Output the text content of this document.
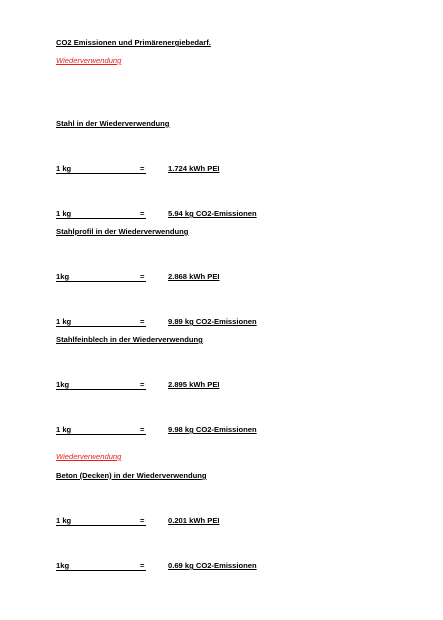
CO2 Emissionen und Primärenergiebedarf.
Wiederverwendung
Stahl in der Wiederverwendung
1 kg	=	1.724 kWh PEI
1 kg	=	5.94 kg CO2-Emissionen
Stahlprofil in der Wiederverwendung
1kg	=	2.868 kWh PEI
1 kg	=	9.89 kg CO2-Emissionen
Stahlfeinblech in der Wiederverwendung
1kg	=	2.895 kWh PEI
1 kg	=	9.98 kg CO2-Emissionen
Wiederverwendung
Beton (Decken) in der Wiederverwendung
1 kg	=	0.201 kWh PEI
1kg	=	0.69 kg CO2-Emissionen
